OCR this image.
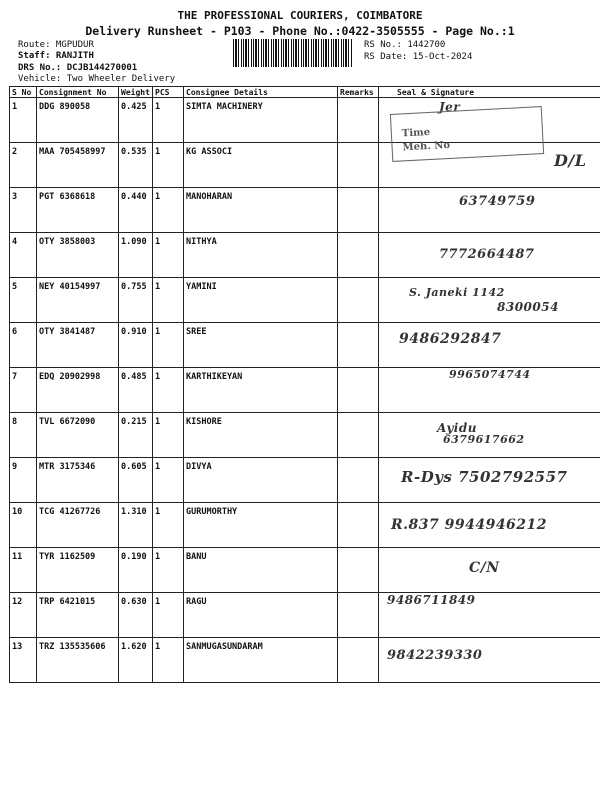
THE PROFESSIONAL COURIERS, COIMBATORE
Delivery Runsheet - P103 - Phone No.:0422-3505555 - Page No.:1
Route: MGPUDUR
Staff: RANJITH
DRS No.: DCJB144270001
Vehicle: Two Wheeler Delivery
RS No.: 1442700
RS Date: 15-Oct-2024
S No	Consignment No	Weight	PCS	Consignee Details	Remarks	Seal & Signature
1	DDG 890058	0.425	1	SIMTA MACHINERY		Jer
Time
Meh. No

2	MAA 705458997	0.535	1	KG ASSOCI		D/L

3	PGT 6368618	0.440	1	MANOHARAN		63749759

4	OTY 3858003	1.090	1	NITHYA		7772664487

5	NEY 40154997	0.755	1	YAMINI		S. Janeki 1142
8300054

6	OTY 3841487	0.910	1	SREE		9486292847

7	EDQ 20902998	0.485	1	KARTHIKEYAN		9965074744

8	TVL 6672090	0.215	1	KISHORE		Ayidu
6379617662

9	MTR 3175346	0.605	1	DIVYA		R-Dys 7502792557

10	TCG 41267726	1.310	1	GURUMORTHY		R.837 9944946212

11	TYR 1162509	0.190	1	BANU		C/N

12	TRP 6421015	0.630	1	RAGU		9486711849

13	TRZ 135535606	1.620	1	SANMUGASUNDARAM		9842239330
